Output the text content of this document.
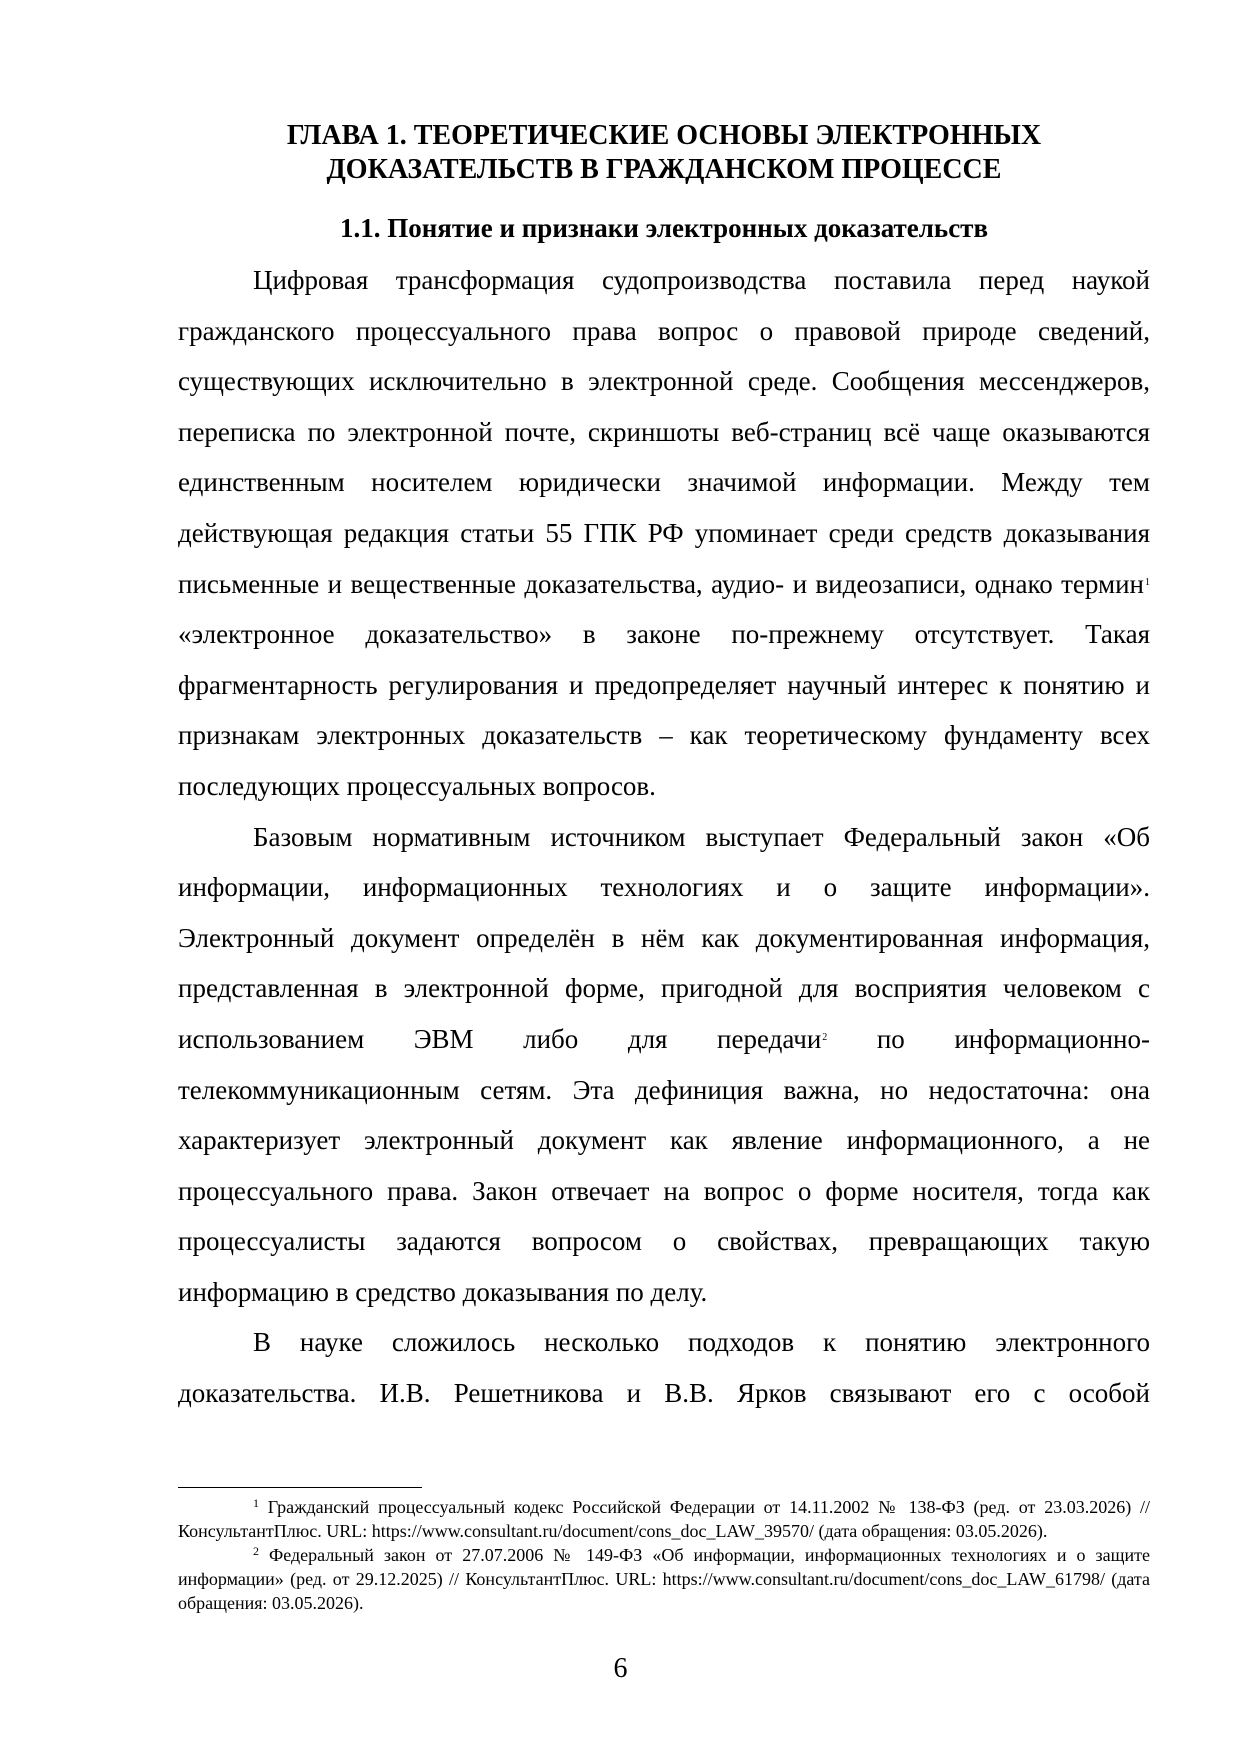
ГЛАВА 1. ТЕОРЕТИЧЕСКИЕ ОСНОВЫ ЭЛЕКТРОННЫХ
ДОКАЗАТЕЛЬСТВ В ГРАЖДАНСКОМ ПРОЦЕССЕ
1.1. Понятие и признаки электронных доказательств

Цифровая трансформация судопроизводства поставила перед наукой гражданского процессуального права вопрос о правовой природе сведений, существующих исключительно в электронной среде. Сообщения мессенджеров, переписка по электронной почте, скриншоты веб-страниц всё чаще оказываются единственным носителем юридически значимой информации. Между тем действующая редакция статьи 55 ГПК РФ упоминает среди средств доказывания письменные и вещественные доказательства, аудио- и видеозаписи, однако термин$^1$ «электронное доказательство» в законе по-прежнему отсутствует. Такая фрагментарность регулирования и предопределяет научный интерес к понятию и признакам электронных доказательств – как теоретическому фундаменту всех последующих процессуальных вопросов.

Базовым нормативным источником выступает Федеральный закон «Об информации, информационных технологиях и о защите информации». Электронный документ определён в нём как документированная информация, представленная в электронной форме, пригодной для восприятия человеком с использованием ЭВМ либо для передачи$^2$ по информационно-телекоммуникационным сетям. Эта дефиниция важна, но недостаточна: она характеризует электронный документ как явление информационного, а не процессуального права. Закон отвечает на вопрос о форме носителя, тогда как процессуалисты задаются вопросом о свойствах, превращающих такую информацию в средство доказывания по делу.

В науке сложилось несколько подходов к понятию электронного доказательства. И.В. Решетникова и В.В. Ярков связывают его с особой

$^1$ Гражданский процессуальный кодекс Российской Федерации от 14.11.2002 № 138-ФЗ (ред. от 23.03.2026) // КонсультантПлюс. URL: https://www.consultant.ru/document/cons_doc_LAW_39570/ (дата обращения: 03.05.2026).

$^2$ Федеральный закон от 27.07.2006 № 149-ФЗ «Об информации, информационных технологиях и о защите информации» (ред. от 29.12.2025) // КонсультантПлюс. URL: https://www.consultant.ru/document/cons_doc_LAW_61798/ (дата обращения: 03.05.2026).

6
